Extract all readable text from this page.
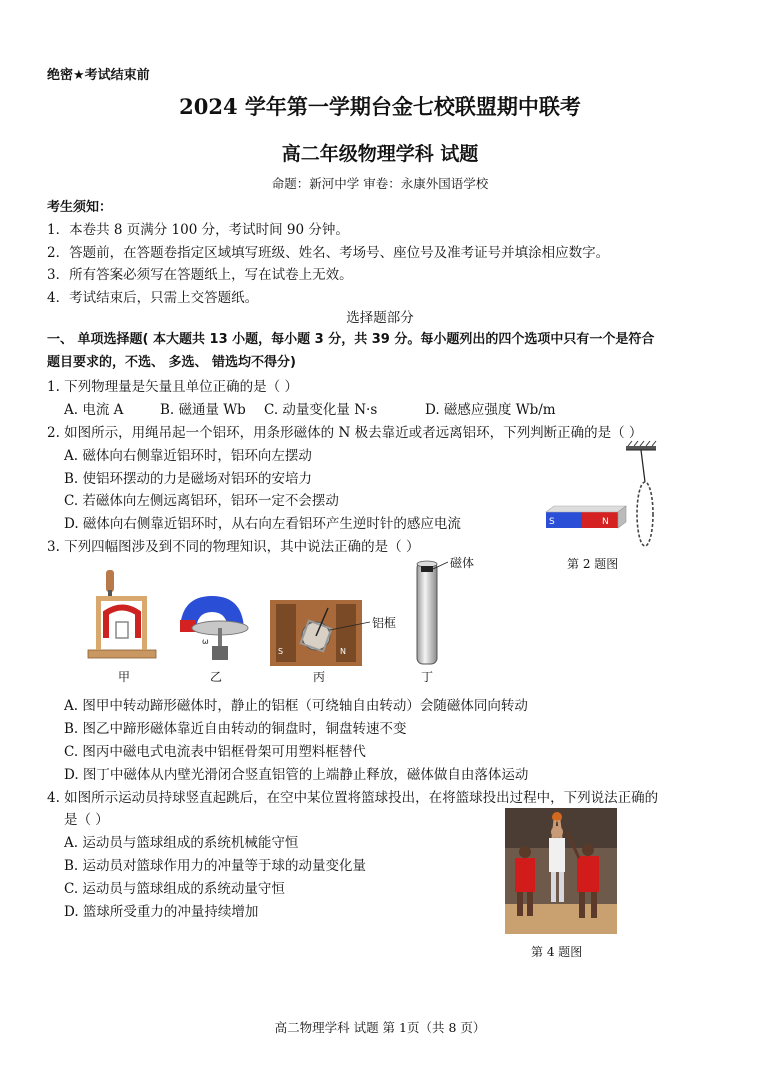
绝密★考试结束前
2024 学年第一学期台金七校联盟期中联考
高二年级物理学科 试题
命题：新河中学 审卷：永康外国语学校
考生须知：
1．本卷共 8 页满分 100 分，考试时间 90 分钟。
2．答题前，在答题卷指定区域填写班级、姓名、考场号、座位号及准考证号并填涂相应数字。
3．所有答案必须写在答题纸上，写在试卷上无效。
4．考试结束后，只需上交答题纸。
选择题部分
一、 单项选择题( 本大题共 13 小题，每小题 3 分，共 39 分。每小题列出的四个选项中只有一个是符合
题目要求的，不选、 多选、 错选均不得分)
1. 下列物理量是矢量且单位正确的是（ ）
A. 电流 A	B. 磁通量 Wb C. 动量变化量 N·s	D. 磁感应强度 Wb/m
2. 如图所示，用绳吊起一个铝环，用条形磁体的 N 极去靠近或者远离铝环，下列判断正确的是（ ）
A. 磁体向右侧靠近铝环时，铝环向左摆动
B. 使铝环摆动的力是磁场对铝环的安培力
C. 若磁体向左侧远离铝环，铝环一定不会摆动
D. 磁体向右侧靠近铝环时，从右向左看铝环产生逆时针的感应电流	S	N
第 2 题图
3. 下列四幅图涉及到不同的物理知识，其中说法正确的是（ ）
甲
ω
乙
S	N
铝框
丙
磁体
丁
A. 图甲中转动蹄形磁体时，静止的铝框（可绕轴自由转动）会随磁体同向转动
B. 图乙中蹄形磁体靠近自由转动的铜盘时，铜盘转速不变
C. 图丙中磁电式电流表中铝框骨架可用塑料框替代
D. 图丁中磁体从内壁光滑闭合竖直铝管的上端静止释放，磁体做自由落体运动
4. 如图所示运动员持球竖直起跳后，在空中某位置将篮球投出，在将篮球投出过程中，下列说法正确的
是（ ）
A. 运动员与篮球组成的系统机械能守恒
B. 运动员对篮球作用力的冲量等于球的动量变化量
C. 运动员与篮球组成的系统动量守恒
D. 篮球所受重力的冲量持续增加
第 4 题图
高二物理学科 试题 第 1页（共 8 页）
